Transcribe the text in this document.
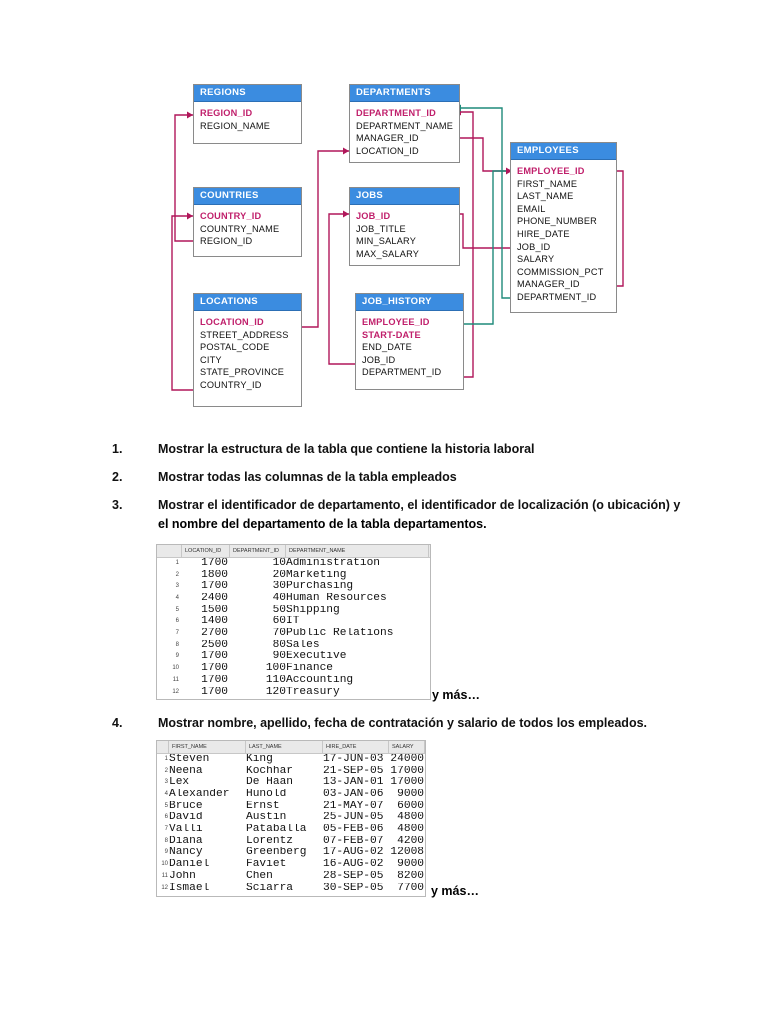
REGIONS
REGION_ID
REGION_NAME
DEPARTMENTS
DEPARTMENT_ID
DEPARTMENT_NAME
MANAGER_ID
LOCATION_ID	EMPLOYEES
EMPLOYEE_ID
FIRST_NAME
LAST_NAME
EMAIL
PHONE_NUMBER
HIRE_DATE
JOB_ID
SALARY
COMMISSION_PCT
MANAGER_ID
DEPARTMENT_ID
COUNTRIES
COUNTRY_ID
COUNTRY_NAME
REGION_ID
JOBS
JOB_ID
JOB_TITLE
MIN_SALARY
MAX_SALARY
LOCATIONS
LOCATION_ID
STREET_ADDRESS
POSTAL_CODE
CITY
STATE_PROVINCE
COUNTRY_ID
JOB_HISTORY
EMPLOYEE_ID
START-DATE
END_DATE
JOB_ID
DEPARTMENT_ID
1.	Mostrar la estructura de la tabla que contiene la historia laboral
2.	Mostrar todas las columnas de la tabla empleados
3.	Mostrar el identificador de departamento, el identificador de localización (o ubicación) y
el nombre del departamento de la tabla departamentos.
LOCATION_ID	DEPARTMENT_ID	DEPARTMENT_NAME
1	1700	10 Administration
2	1800	20 Marketing
3	1700	30 Purchasing
4	2400	40 Human Resources
5	1500	50 Shipping
6	1400	60 IT
7	2700	70 Public Relations
8	2500	80 Sales
9	1700	90 Executive
10	1700	100 Finance
11	1700	110 Accounting
12	1700	120 Treasury	y más…
4.	Mostrar nombre, apellido, fecha de contratación y salario de todos los empleados.
FIRST_NAME	LAST_NAME	HIRE_DATE	SALARY
1 Steven	King	17-JUN-03 24000
2 Neena	Kochhar	21-SEP-05 17000
3 Lex	De Haan	13-JAN-01 17000
4 Alexander	Hunold	03-JAN-06	9000
5 Bruce	Ernst	21-MAY-07	6000
6 David	Austin	25-JUN-05	4800
7 Valli	Pataballa	05-FEB-06	4800
8 Diana	Lorentz	07-FEB-07	4200
9 Nancy	Greenberg	17-AUG-02 12008
10 Daniel	Faviet	16-AUG-02	9000
11 John	Chen	28-SEP-05	8200
12 Ismael	Sciarra	30-SEP-05	7700 y más…
